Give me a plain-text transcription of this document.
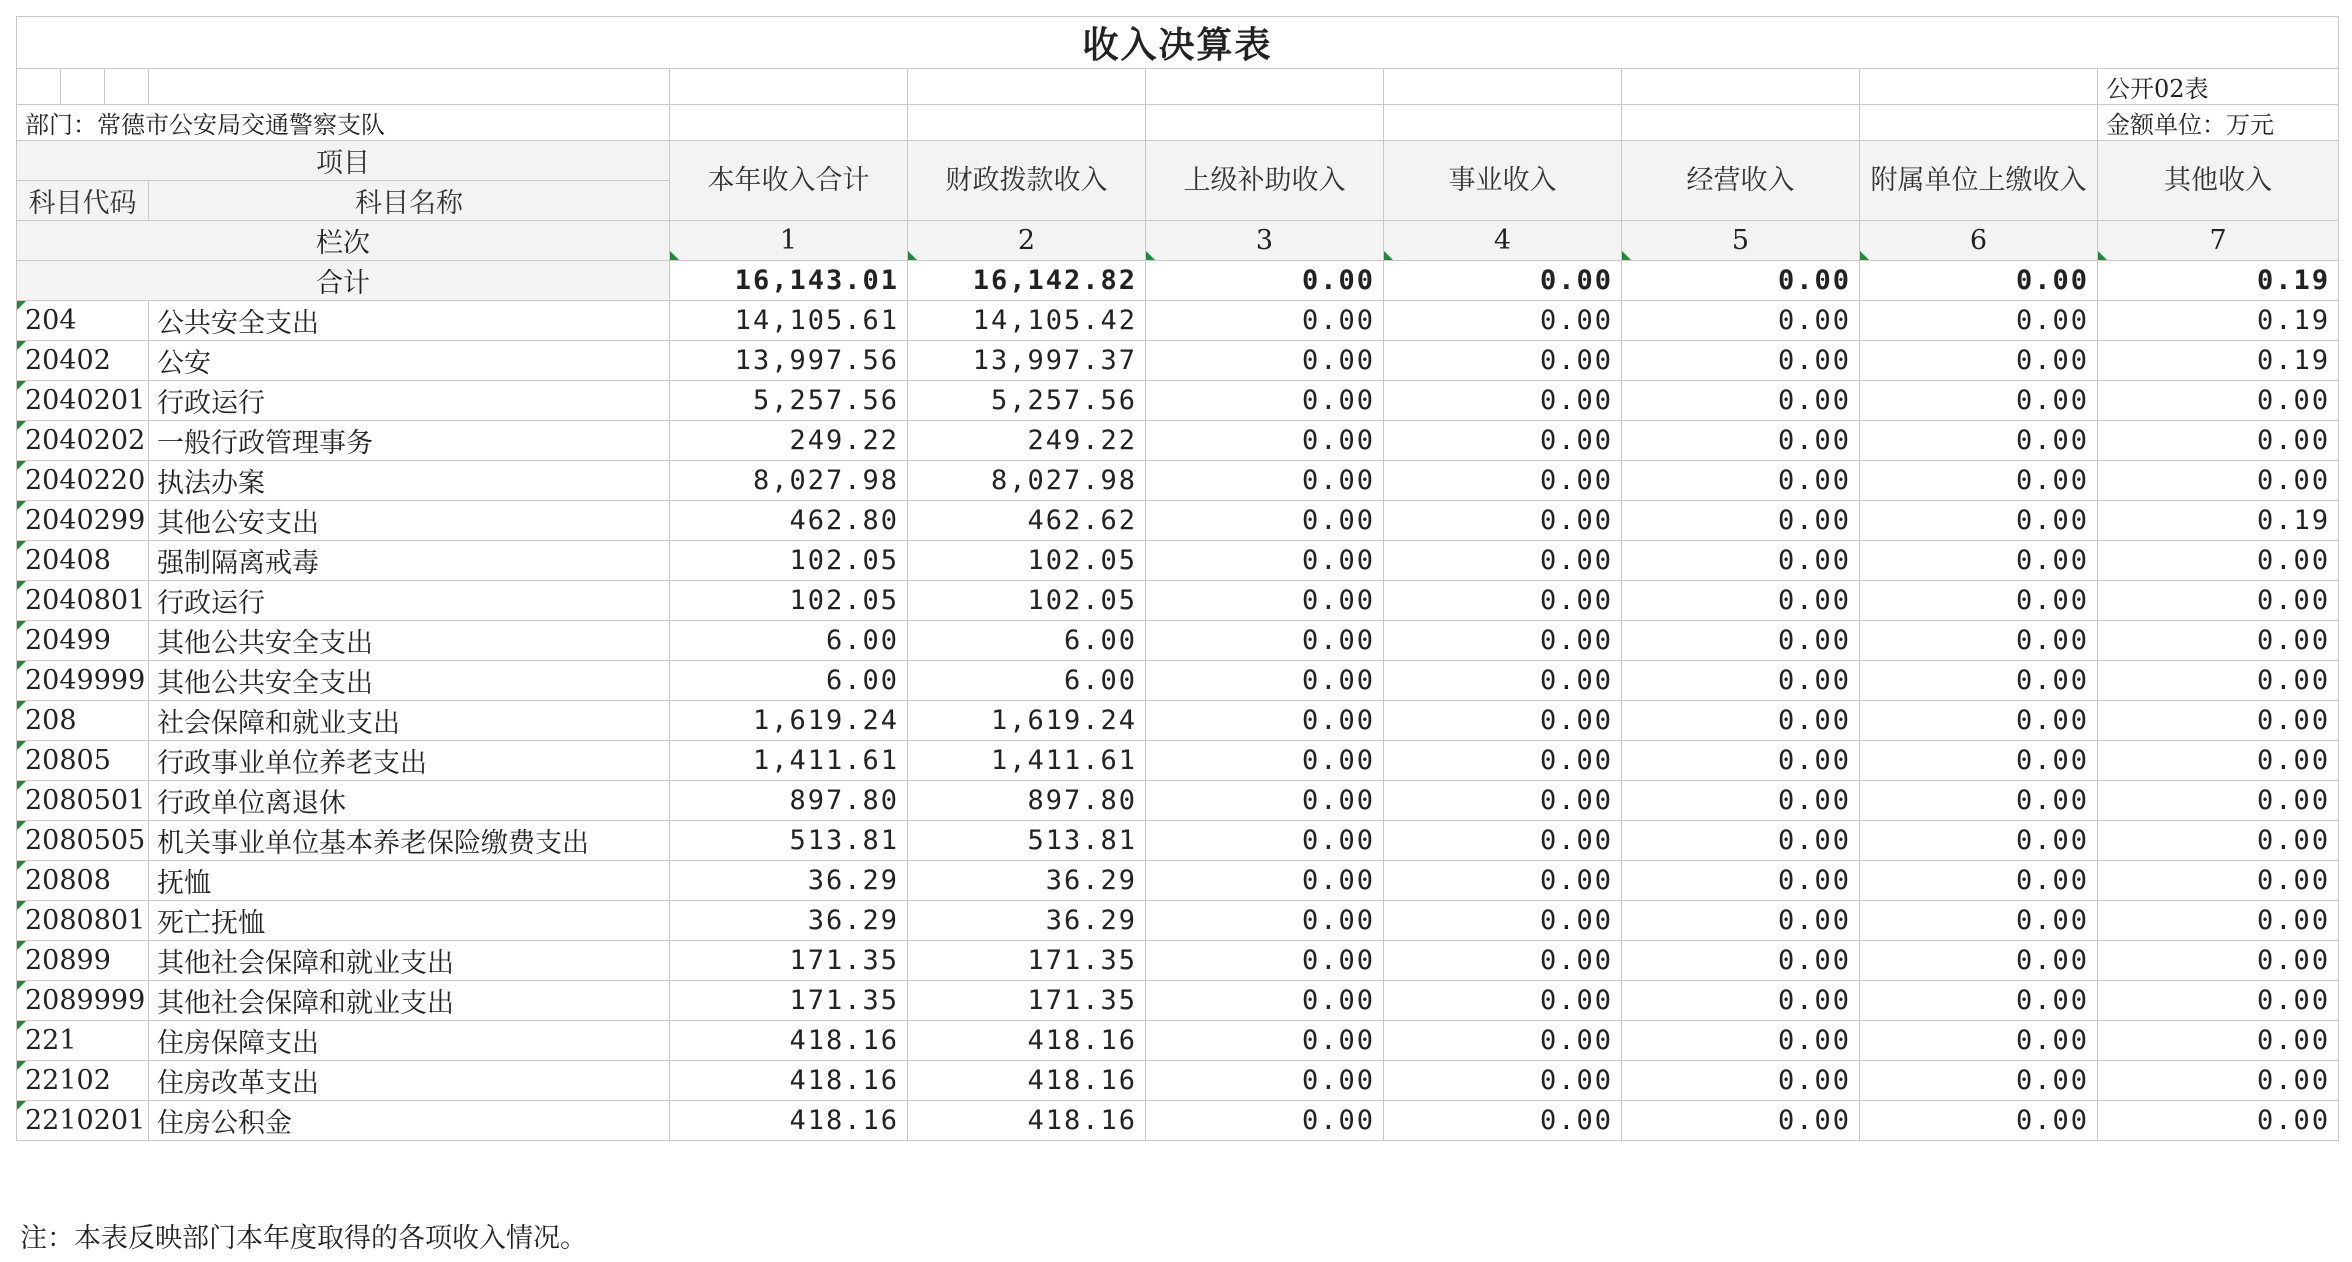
收入决算表										
										公开02表
部门：常德市公安局交通警察支队										金额单位：万元
项目				本年收入合计	财政拨款收入	上级补助收入	事业收入	经营收入	附属单位上缴收入	其他收入
科目代码			科目名称							

栏次				1	2	3	4	5	6	7
合计				16,143.01	16,142.82	0.00	0.00	0.00	0.00	0.19
204			公共安全支出	14,105.61	14,105.42	0.00	0.00	0.00	0.00	0.19
20402			公安	13,997.56	13,997.37	0.00	0.00	0.00	0.00	0.19
2040201			行政运行	5,257.56	5,257.56	0.00	0.00	0.00	0.00	0.00
2040202			一般行政管理事务	249.22	249.22	0.00	0.00	0.00	0.00	0.00
2040220			执法办案	8,027.98	8,027.98	0.00	0.00	0.00	0.00	0.00
2040299			其他公安支出	462.80	462.62	0.00	0.00	0.00	0.00	0.19
20408			强制隔离戒毒	102.05	102.05	0.00	0.00	0.00	0.00	0.00
2040801			行政运行	102.05	102.05	0.00	0.00	0.00	0.00	0.00
20499			其他公共安全支出	6.00	6.00	0.00	0.00	0.00	0.00	0.00
2049999			其他公共安全支出	6.00	6.00	0.00	0.00	0.00	0.00	0.00
208			社会保障和就业支出	1,619.24	1,619.24	0.00	0.00	0.00	0.00	0.00
20805			行政事业单位养老支出	1,411.61	1,411.61	0.00	0.00	0.00	0.00	0.00
2080501			行政单位离退休	897.80	897.80	0.00	0.00	0.00	0.00	0.00
2080505			机关事业单位基本养老保险缴费支出	513.81	513.81	0.00	0.00	0.00	0.00	0.00
20808			抚恤	36.29	36.29	0.00	0.00	0.00	0.00	0.00
2080801			死亡抚恤	36.29	36.29	0.00	0.00	0.00	0.00	0.00
20899			其他社会保障和就业支出	171.35	171.35	0.00	0.00	0.00	0.00	0.00
2089999			其他社会保障和就业支出	171.35	171.35	0.00	0.00	0.00	0.00	0.00
221			住房保障支出	418.16	418.16	0.00	0.00	0.00	0.00	0.00
22102			住房改革支出	418.16	418.16	0.00	0.00	0.00	0.00	0.00
2210201			住房公积金	418.16	418.16	0.00	0.00	0.00	0.00	0.00
注：本表反映部门本年度取得的各项收入情况。
